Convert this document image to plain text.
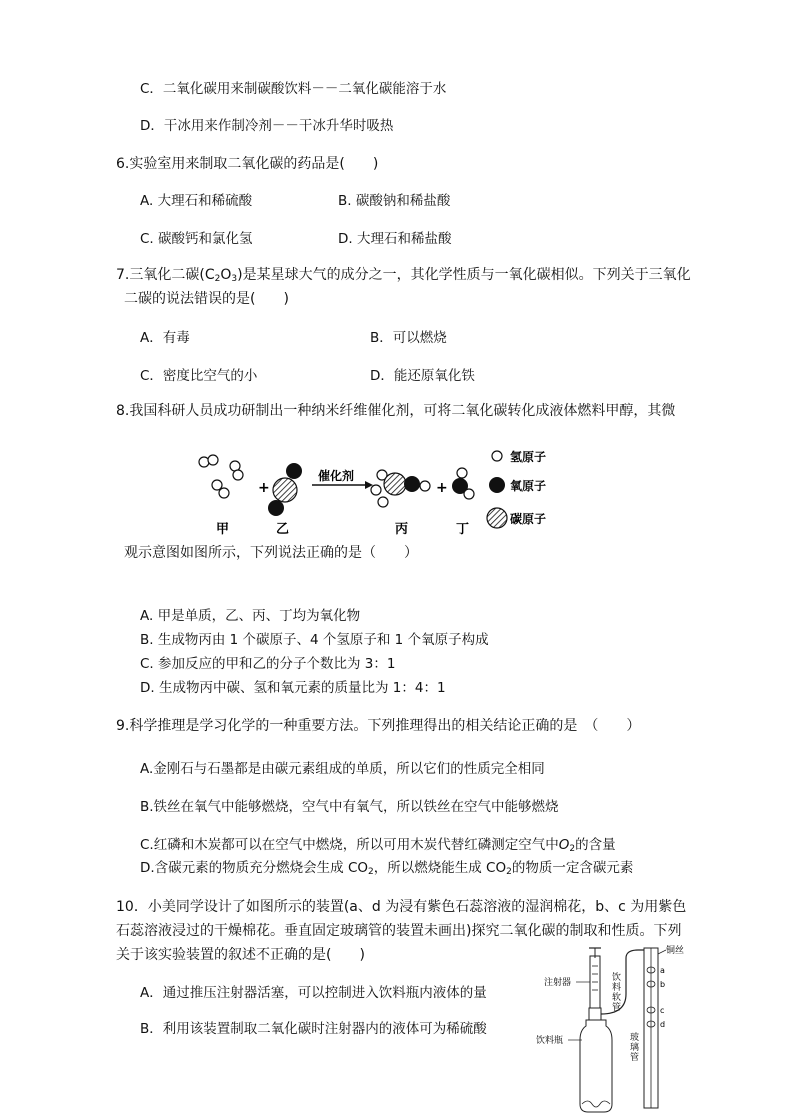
C．二氧化碳用来制碳酸饮料－－二氧化碳能溶于水
D．干冰用来作制冷剂－－干冰升华时吸热
6.实验室用来制取二氧化碳的药品是(　　)
A. 大理石和稀硫酸	B. 碳酸钠和稀盐酸
C. 碳酸钙和氯化氢	D. 大理石和稀盐酸
7.三氧化二碳$(C_2O_3)$是某星球大气的成分之一，其化学性质与一氧化碳相似。下列关于三氧化
二碳的说法错误的是(　　)
A．有毒	B．可以燃烧
C．密度比空气的小	D．能还原氧化铁
8.我国科研人员成功研制出一种纳米纤维催化剂，可将二氧化碳转化成液体燃料甲醇，其微
+
催化剂
+
甲	乙	丙	丁
氢原子
氧原子
碳原子
观示意图如图所示，下列说法正确的是（　　）
A. 甲是单质，乙、丙、丁均为氧化物
B. 生成物丙由 1 个碳原子、4 个氢原子和 1 个氧原子构成
C. 参加反应的甲和乙的分子个数比为 3：1
D. 生成物丙中碳、氢和氧元素的质量比为 1：4：1
9.科学推理是学习化学的一种重要方法。下列推理得出的相关结论正确的是　（　　）
A.金刚石与石墨都是由碳元素组成的单质，所以它们的性质完全相同
B.铁丝在氧气中能够燃烧，空气中有氧气，所以铁丝在空气中能够燃烧
C.红磷和木炭都可以在空气中燃烧，所以可用木炭代替红磷测定空气中$O_2$的含量
D.含碳元素的物质充分燃烧会生成 $CO_2$，所以燃烧能生成 $CO_2$的物质一定含碳元素
10．小美同学设计了如图所示的装置(a、d 为浸有紫色石蕊溶液的湿润棉花，b、c 为用紫色
石蕊溶液浸过的干燥棉花。垂直固定玻璃管的装置未画出)探究二氧化碳的制取和性质。下列
关于该实验装置的叙述不正确的是(　　)
A．通过推压注射器活塞，可以控制进入饮料瓶内液体的量
B．利用该装置制取二氧化碳时注射器内的液体可为稀硫酸
注射器
饮料瓶
饮
料
软
管
玻
璃
管
a
b
c
d
铜丝
